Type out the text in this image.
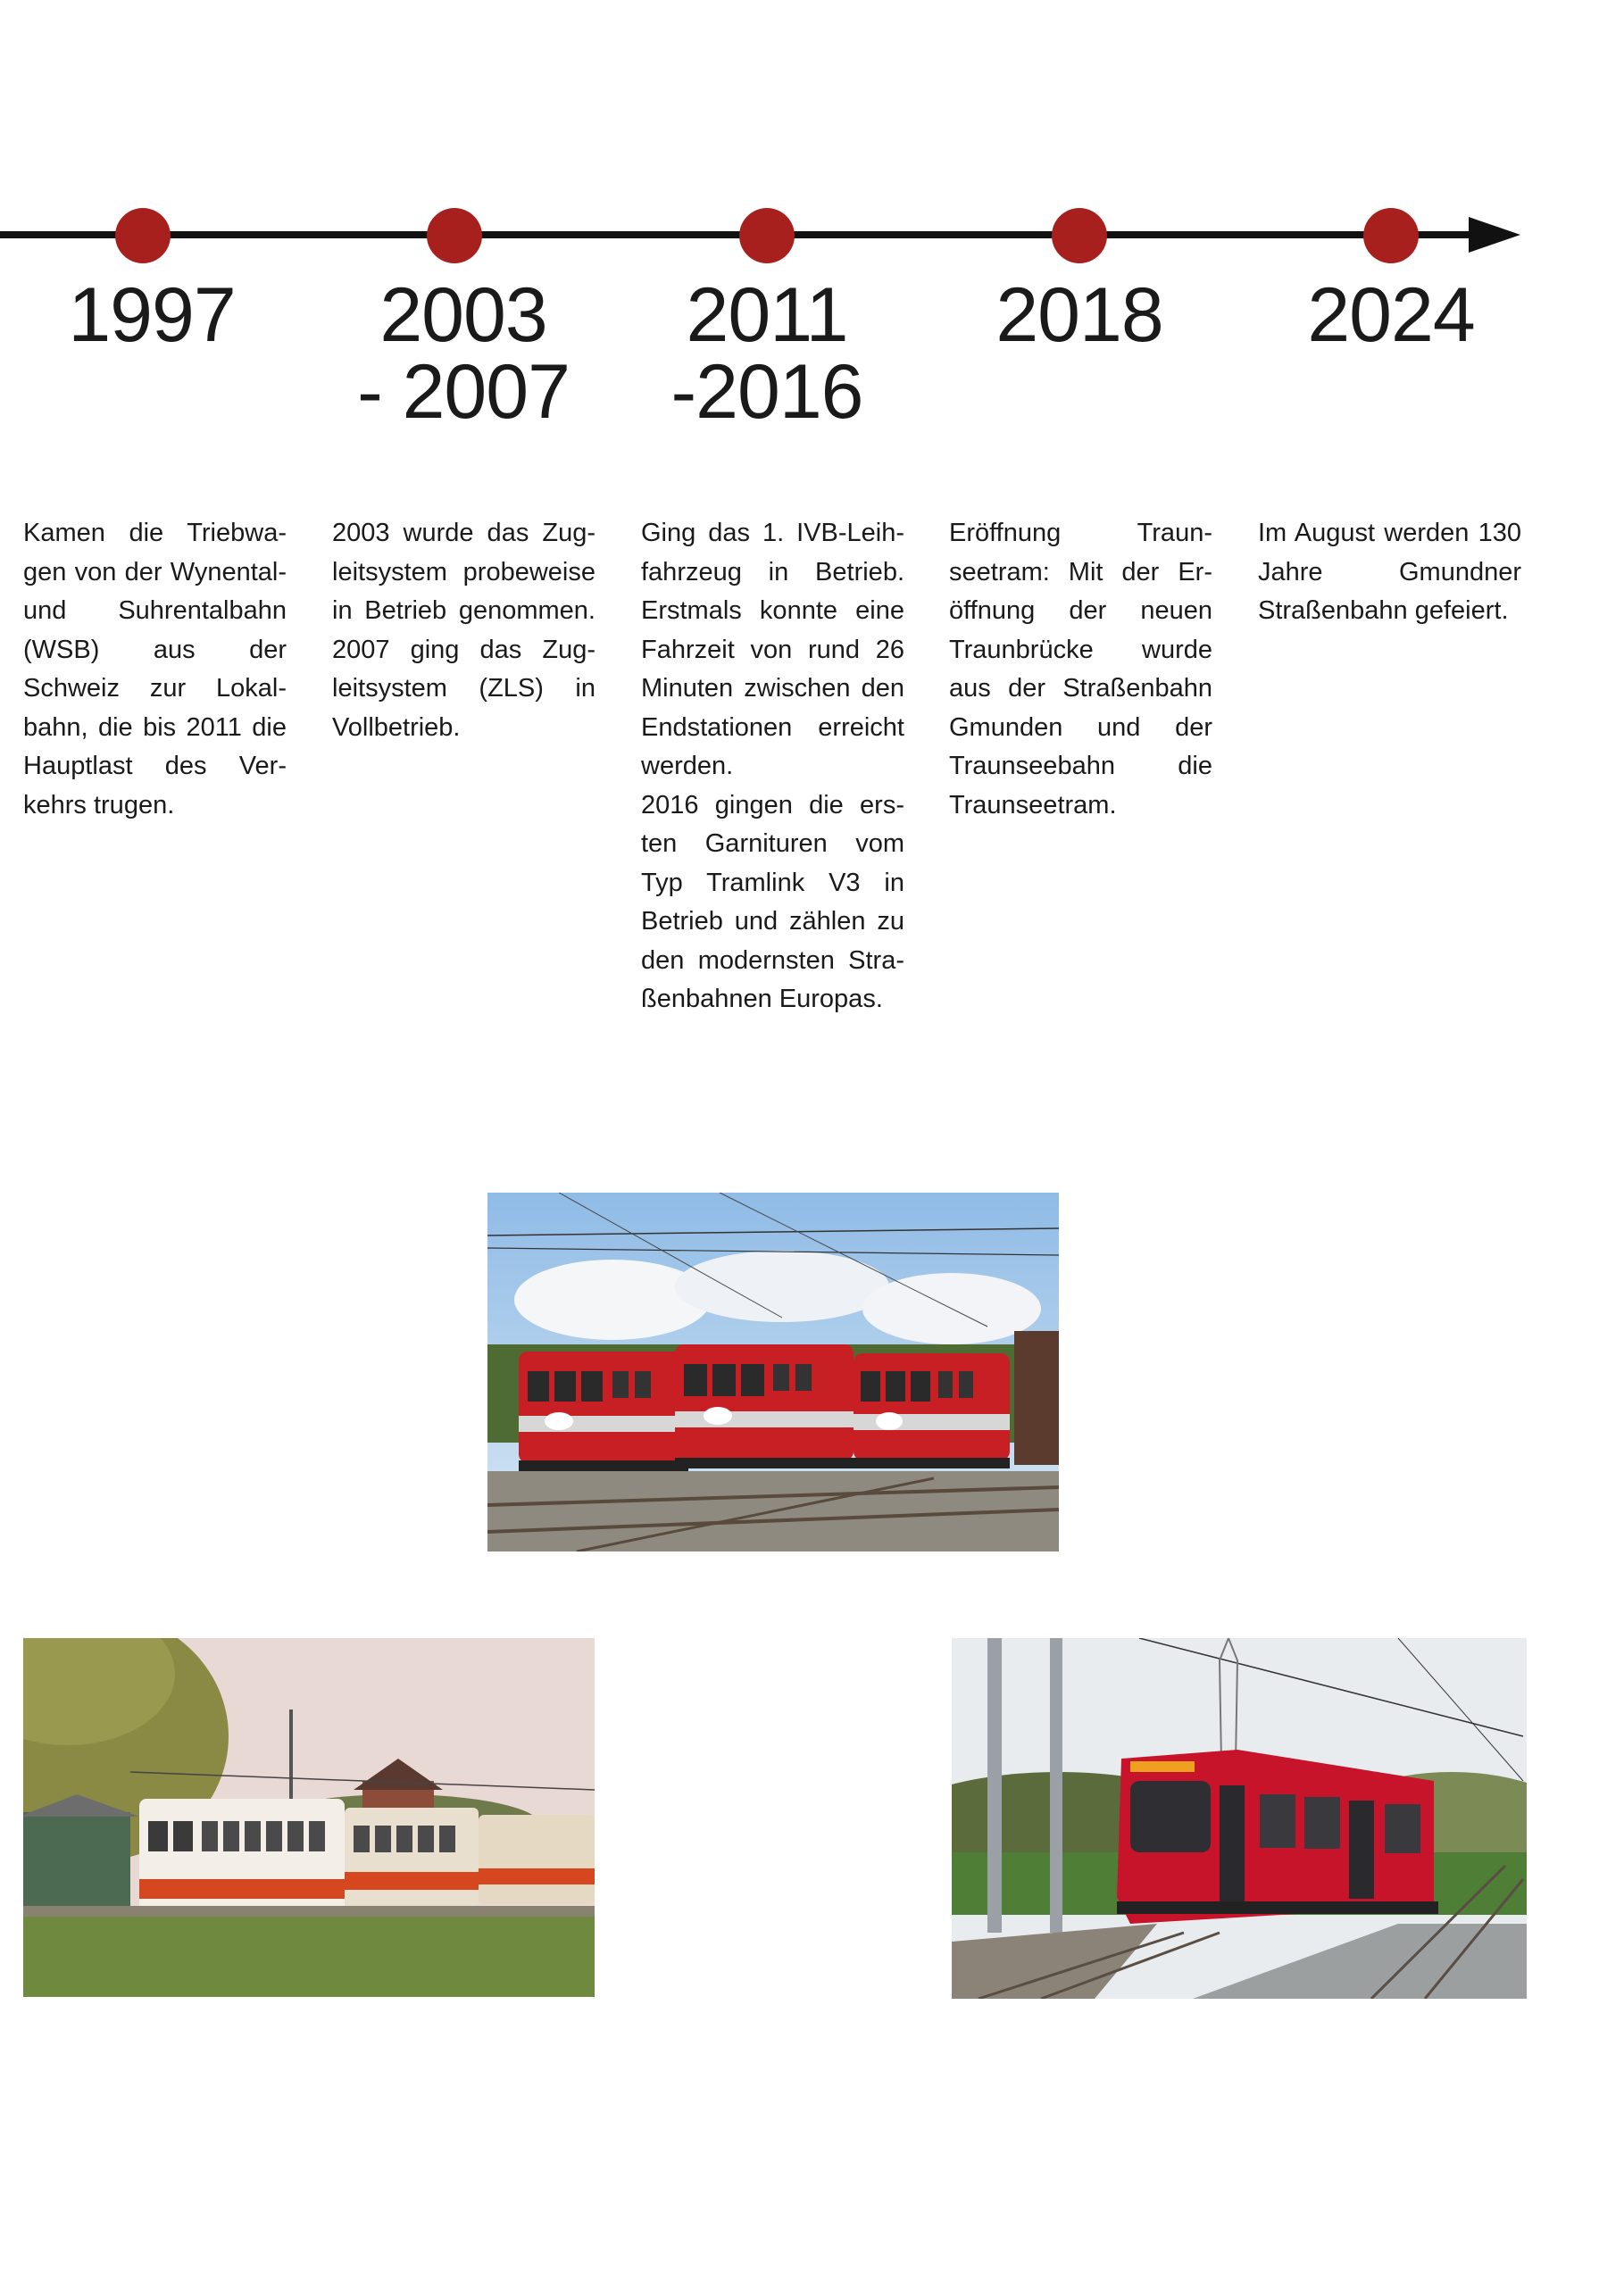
1997	2003
- 2007
2011
-2016
2018	2024
Kamen die Triebwagen von der Wynental- und Suhrentalbahn (WSB) aus der Schweiz zur Lokalbahn, die bis 2011 die Hauptlast des Verkehrs trugen.
2003 wurde das Zugleitsystem probeweise in Betrieb genommen. 2007 ging das Zugleitsystem (ZLS) in Vollbetrieb.
Ging das 1. IVB-Leihfahrzeug in Betrieb. Erstmals konnte eine Fahrzeit von rund 26 Minuten zwischen den Endstationen erreicht werden.
2016 gingen die ersten Garnituren vom Typ Tramlink V3 in Betrieb und zählen zu den modernsten Straßenbahnen Europas.
Eröffnung Traunseetram: Mit der Eröffnung der neuen Traunbrücke wurde aus der Straßenbahn Gmunden und der Traunseebahn die Traunseetram.
Im August werden 130 Jahre Gmundner Straßenbahn gefeiert.
